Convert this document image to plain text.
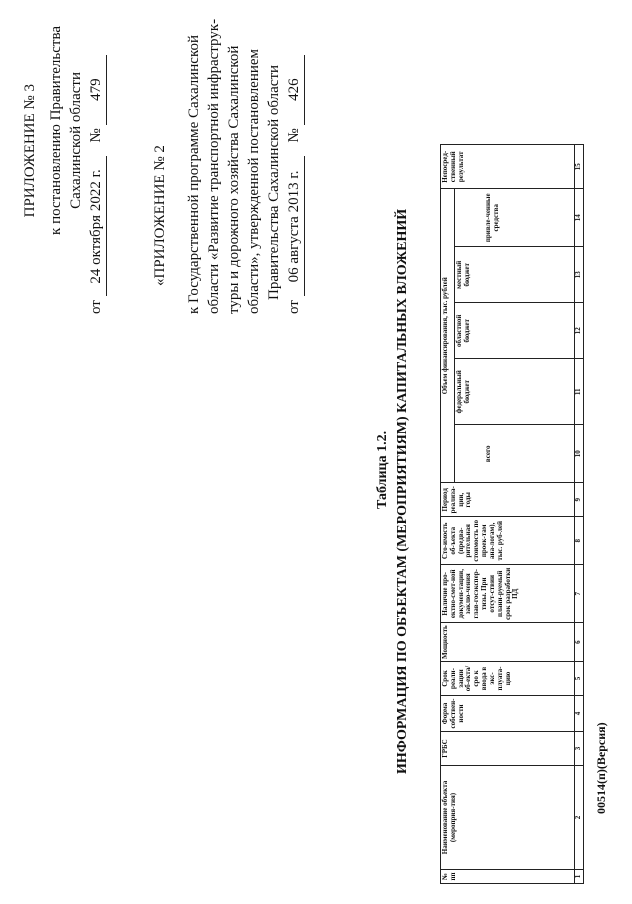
ПРИЛОЖЕНИЕ № 3 к постановлению Правительства Сахалинской области
от 24 октября 2022 г. № 479
«ПРИЛОЖЕНИЕ № 2 к Государственной программе Сахалинской области «Развитие транспортной инфраструк- туры и дорожного хозяйства Сахалинской области», утвержденной постановлением Правительства Сахалинской области
от 06 августа 2013 г. № 426
Таблица 1.2. ИНФОРМАЦИЯ ПО ОБЪЕКТАМ (МЕРОПРИЯТИЯМ) КАПИТАЛЬНЫХ ВЛОЖЕНИЙ
№ пп	Наименование объекта (мероприя-тия)	ГРБС	Форма собствен-ности	Срок реали-зации об-екта/сро к ввода в экс-плуата-цию	Мощность	Наличие про-ектно-смет-ной докумен-тации, заклю-чения глав-госэкспер-тизы. При отсут-ствии плани-руемый срок разработки ПД	Сто-имость об-ъекта (предва-рительная стоимость по проек-там ана-логам), тыс. руб-лей	Период реализа-ции, годы	Объем финансирования, тыс. рублей					Непосред-ственный результат
									всего	федеральный бюджет	областной бюджет	местный бюджет	привле-ченные средства	
1	2	3	4	5	6	7	8	9	10	11	12	13	14	15
00514(п)(Версия)
